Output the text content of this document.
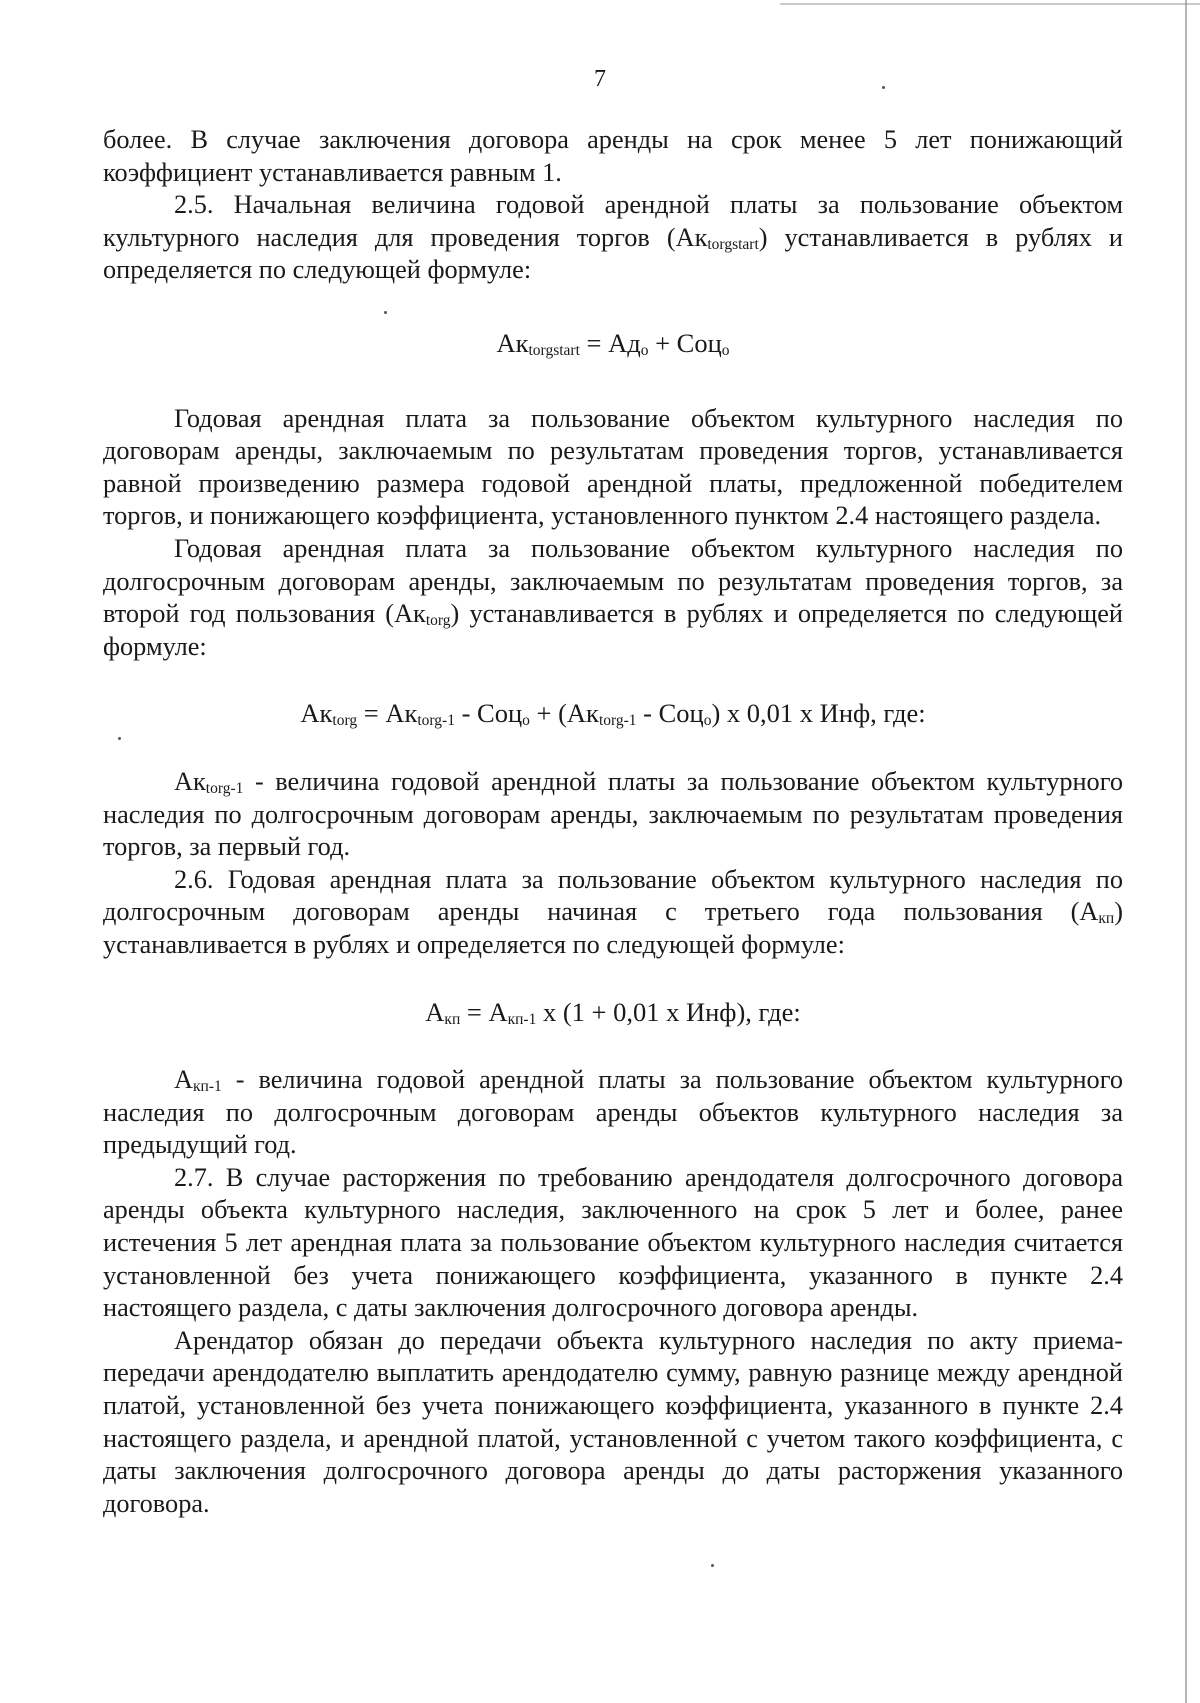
7

более. В случае заключения договора аренды на срок менее 5 лет понижающий коэффициент устанавливается равным 1.

2.5. Начальная величина годовой арендной платы за пользование объектом культурного наследия для проведения торгов $(Ак_{torgstart})$ устанавливается в рублях и определяется по следующей формуле:

$Ак_{torgstart} = Ад_о + Соц_о$

Годовая арендная плата за пользование объектом культурного наследия по договорам аренды, заключаемым по результатам проведения торгов, устанавливается равной произведению размера годовой арендной платы, предложенной победителем торгов, и понижающего коэффициента, установленного пунктом 2.4 настоящего раздела.

Годовая арендная плата за пользование объектом культурного наследия по долгосрочным договорам аренды, заключаемым по результатам проведения торгов, за второй год пользования $(Ак_{torg})$ устанавливается в рублях и определяется по следующей формуле:

$Ак_{torg} = Ак_{torg-1} - Соц_о + (Ак_{torg-1} - Соц_о)$ х 0,01 х Инф, где:

$Ак_{torg-1}$ - величина годовой арендной платы за пользование объектом культурного наследия по долгосрочным договорам аренды, заключаемым по результатам проведения торгов, за первый год.

2.6. Годовая арендная плата за пользование объектом культурного наследия по долгосрочным договорам аренды начиная с третьего года пользования $(А_{кп})$ устанавливается в рублях и определяется по следующей формуле:

$А_{кп} = А_{кп-1}$ х (1 + 0,01 х Инф), где:

$А_{кп-1}$ - величина годовой арендной платы за пользование объектом культурного наследия по долгосрочным договорам аренды объектов культурного наследия за предыдущий год.

2.7. В случае расторжения по требованию арендодателя долгосрочного договора аренды объекта культурного наследия, заключенного на срок 5 лет и более, ранее истечения 5 лет арендная плата за пользование объектом культурного наследия считается установленной без учета понижающего коэффициента, указанного в пункте 2.4 настоящего раздела, с даты заключения долгосрочного договора аренды.

Арендатор обязан до передачи объекта культурного наследия по акту приема-передачи арендодателю выплатить арендодателю сумму, равную разнице между арендной платой, установленной без учета понижающего коэффициента, указанного в пункте 2.4 настоящего раздела, и арендной платой, установленной с учетом такого коэффициента, с даты заключения долгосрочного договора аренды до даты расторжения указанного договора.
